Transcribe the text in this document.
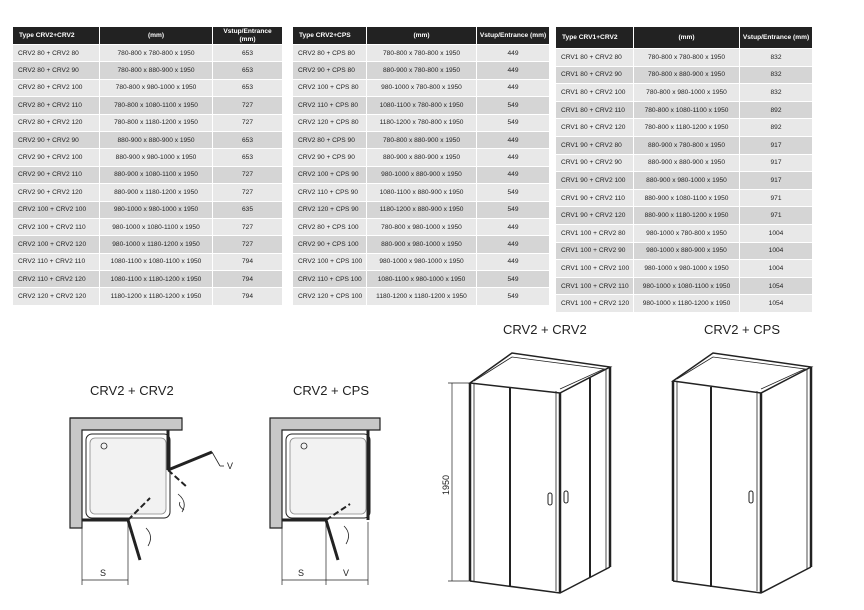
Type CRV2+CRV2	(mm)	Vstup/Entrance (mm)
CRV2 80 + CRV2 80	780-800 x 780-800 x 1950	653
CRV2 80 + CRV2 90	780-800 x 880-900 x 1950	653
CRV2 80 + CRV2 100	780-800 x 980-1000 x 1950	653
CRV2 80 + CRV2 110	780-800 x 1080-1100 x 1950	727
CRV2 80 + CRV2 120	780-800 x 1180-1200 x 1950	727
CRV2 90 + CRV2 90	880-900 x 880-900 x 1950	653
CRV2 90 + CRV2 100	880-900 x 980-1000 x 1950	653
CRV2 90 + CRV2 110	880-900 x 1080-1100 x 1950	727
CRV2 90 + CRV2 120	880-900 x 1180-1200 x 1950	727
CRV2 100 + CRV2 100	980-1000 x 980-1000 x 1950	635
CRV2 100 + CRV2 110	980-1000 x 1080-1100 x 1950	727
CRV2 100 + CRV2 120	980-1000 x 1180-1200 x 1950	727
CRV2 110 + CRV2 110	1080-1100 x 1080-1100 x 1950	794
CRV2 110 + CRV2 120	1080-1100 x 1180-1200 x 1950	794
CRV2 120 + CRV2 120	1180-1200 x 1180-1200 x 1950	794
Type CRV2+CPS	(mm)	Vstup/Entrance (mm)
CRV2 80 + CPS 80	780-800 x 780-800 x 1950	449
CRV2 90 + CPS 80	880-900 x 780-800 x 1950	449
CRV2 100 + CPS 80	980-1000 x 780-800 x 1950	449
CRV2 110 + CPS 80	1080-1100 x 780-800 x 1950	549
CRV2 120 + CPS 80	1180-1200 x 780-800 x 1950	549
CRV2 80 + CPS 90	780-800 x 880-900 x 1950	449
CRV2 90 + CPS 90	880-900 x 880-900 x 1950	449
CRV2 100 + CPS 90	980-1000 x 880-900 x 1950	449
CRV2 110 + CPS 90	1080-1100 x 880-900 x 1950	549
CRV2 120 + CPS 90	1180-1200 x 880-900 x 1950	549
CRV2 80 + CPS 100	780-800 x 980-1000 x 1950	449
CRV2 90 + CPS 100	880-900 x 980-1000 x 1950	449
CRV2 100 + CPS 100	980-1000 x 980-1000 x 1950	449
CRV2 110 + CPS 100	1080-1100 x 980-1000 x 1950	549
CRV2 120 + CPS 100	1180-1200 x 1180-1200 x 1950	549
Type CRV1+CRV2	(mm)	Vstup/Entrance (mm)
CRV1 80 + CRV2 80	780-800 x 780-800 x 1950	832
CRV1 80 + CRV2 90	780-800 x 880-900 x 1950	832
CRV1 80 + CRV2 100	780-800 x 980-1000 x 1950	832
CRV1 80 + CRV2 110	780-800 x 1080-1100 x 1950	892
CRV1 80 + CRV2 120	780-800 x 1180-1200 x 1950	892
CRV1 90 + CRV2 80	880-900 x 780-800 x 1950	917
CRV1 90 + CRV2 90	880-900 x 880-900 x 1950	917
CRV1 90 + CRV2 100	880-900 x 980-1000 x 1950	917
CRV1 90 + CRV2 110	880-900 x 1080-1100 x 1950	971
CRV1 90 + CRV2 120	880-900 x 1180-1200 x 1950	971
CRV1 100 + CRV2 80	980-1000 x 780-800 x 1950	1004
CRV1 100 + CRV2 90	980-1000 x 880-900 x 1950	1004
CRV1 100 + CRV2 100	980-1000 x 980-1000 x 1950	1004
CRV1 100 + CRV2 110	980-1000 x 1080-1100 x 1950	1054
CRV1 100 + CRV2 120	980-1000 x 1180-1200 x 1950	1054
CRV2 + CRV2	CRV2 + CPS
CRV2 + CRV2	CRV2 + CPS
V
S	S	V
1950
